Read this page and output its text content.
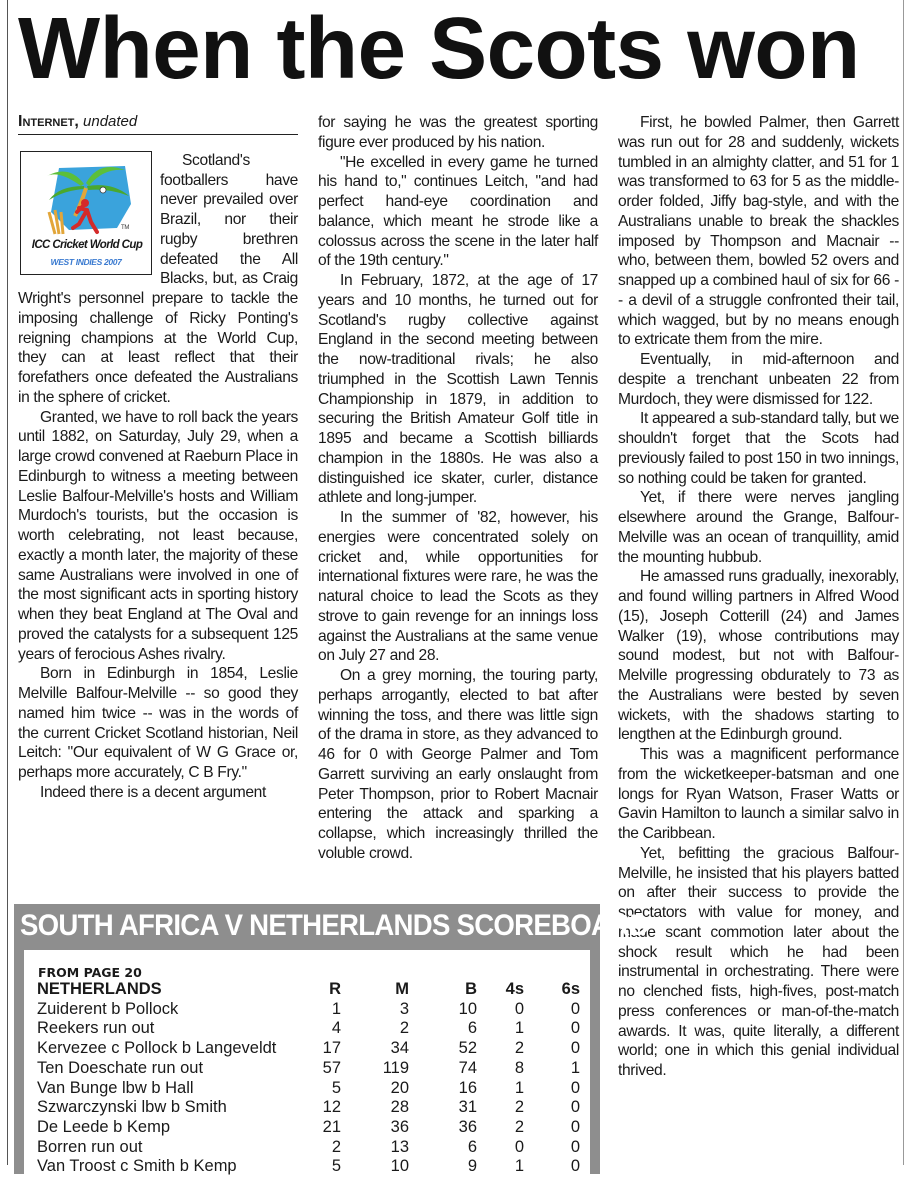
When the Scots won
Internet, undated
TM
ICC Cricket World Cup
WEST INDIES 2007

Scotland's footballers have never prevailed over Brazil, nor their rugby brethren defeated the All Blacks, but, as Craig Wright's personnel prepare to tackle the imposing challenge of Ricky Ponting's reigning champions at the World Cup, they can at least reflect that their forefathers once defeated the Australians in the sphere of cricket.

Granted, we have to roll back the years until 1882, on Saturday, July 29, when a large crowd convened at Raeburn Place in Edinburgh to witness a meeting between Leslie Balfour-Melville's hosts and William Murdoch's tourists, but the occasion is worth celebrating, not least because, exactly a month later, the majority of these same Australians were involved in one of the most significant acts in sporting history when they beat England at The Oval and proved the catalysts for a subsequent 125 years of ferocious Ashes rivalry.

Born in Edinburgh in 1854, Leslie Melville Balfour-Melville -- so good they named him twice -- was in the words of the current Cricket Scotland historian, Neil Leitch: "Our equivalent of W G Grace or, perhaps more accurately, C B Fry."

Indeed there is a decent argument

for saying he was the greatest sporting figure ever produced by his nation.

"He excelled in every game he turned his hand to," continues Leitch, "and had perfect hand-eye coordination and balance, which meant he strode like a colossus across the scene in the later half of the 19th century."

In February, 1872, at the age of 17 years and 10 months, he turned out for Scotland's rugby collective against England in the second meeting between the now-traditional rivals; he also triumphed in the Scottish Lawn Tennis Championship in 1879, in addition to securing the British Amateur Golf title in 1895 and became a Scottish billiards champion in the 1880s. He was also a distinguished ice skater, curler, distance athlete and long-jumper.

In the summer of '82, however, his energies were concentrated solely on cricket and, while opportunities for international fixtures were rare, he was the natural choice to lead the Scots as they strove to gain revenge for an innings loss against the Australians at the same venue on July 27 and 28.

On a grey morning, the touring party, perhaps arrogantly, elected to bat after winning the toss, and there was little sign of the drama in store, as they advanced to 46 for 0 with George Palmer and Tom Garrett surviving an early onslaught from Peter Thompson, prior to Robert Macnair entering the attack and sparking a collapse, which increasingly thrilled the voluble crowd.

First, he bowled Palmer, then Garrett was run out for 28 and suddenly, wickets tumbled in an almighty clatter, and 51 for 1 was transformed to 63 for 5 as the middle-order folded, Jiffy bag-style, and with the Australians unable to break the shackles imposed by Thompson and Macnair -- who, between them, bowled 52 overs and snapped up a combined haul of six for 66 -- a devil of a struggle confronted their tail, which wagged, but by no means enough to extricate them from the mire.

Eventually, in mid-afternoon and despite a trenchant unbeaten 22 from Murdoch, they were dismissed for 122.

It appeared a sub-standard tally, but we shouldn't forget that the Scots had previously failed to post 150 in two innings, so nothing could be taken for granted.

Yet, if there were nerves jangling elsewhere around the Grange, Balfour-Melville was an ocean of tranquillity, amid the mounting hubbub.

He amassed runs gradually, inexorably, and found willing partners in Alfred Wood (15), Joseph Cotterill (24) and James Walker (19), whose contributions may sound modest, but not with Balfour-Melville progressing obdurately to 73 as the Australians were bested by seven wickets, with the shadows starting to lengthen at the Edinburgh ground.

This was a magnificent performance from the wicketkeeper-batsman and one longs for Ryan Watson, Fraser Watts or Gavin Hamilton to launch a similar salvo in the Caribbean.

Yet, befitting the gracious Balfour-Melville, he insisted that his players batted on after their success to provide the spectators with value for money, and made scant commotion later about the shock result which he had been instrumental in orchestrating. There were no clenched fists, high-fives, post-match press conferences or man-of-the-match awards. It was, quite literally, a different world; one in which this genial individual thrived.

SOUTH AFRICA V NETHERLANDS SCOREBOARD
FROM PAGE 20
NETHERLANDS	R	M	B	4s	6s
Zuiderent b Pollock	1	3	10	0	0
Reekers run out	4	2	6	1	0
Kervezee c Pollock b Langeveldt	17	34	52	2	0
Ten Doeschate run out	57	119	74	8	1
Van Bunge lbw b Hall	5	20	16	1	0
Szwarczynski lbw b Smith	12	28	31	2	0
De Leede b Kemp	21	36	36	2	0
Borren run out	2	13	6	0	0
Van Troost c Smith b Kemp	5	10	9	1	0
